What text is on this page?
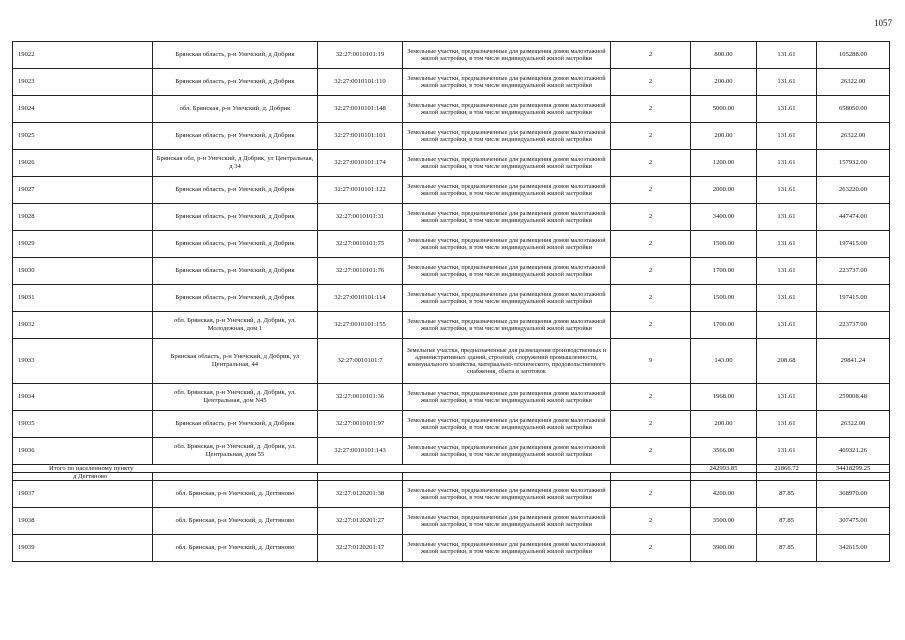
1057
19022	Брянская область, р-н Унечский, д Добрик	32:27:0010101:19	Земельные участки, предназначенные для размещения домов малоэтажной жилой застройки, в том числе индивидуальной жилой застройки	2	800.00	131.61	105288.00
19023	Брянская область, р-н Унечский, д Добрик	32:27:0010101:110	Земельные участки, предназначенные для размещения домов малоэтажной жилой застройки, в том числе индивидуальной жилой застройки	2	200.00	131.61	26322.00
19024	обл. Брянская, р-н Унечский, д. Добрик	32:27:0010101:148	Земельные участки, предназначенные для размещения домов малоэтажной жилой застройки, в том числе индивидуальной жилой застройки	2	5000.00	131.61	658050.00
19025	Брянская область, р-н Унечский, д Добрик	32:27:0010101:101	Земельные участки, предназначенные для размещения домов малоэтажной жилой застройки, в том числе индивидуальной жилой застройки	2	200.00	131.61	26322.00
19026	Брянская обл, р-н Унечский, д Добрик, ул Центральная, д 34	32:27:0010101:174	Земельные участки, предназначенные для размещения домов малоэтажной жилой застройки, в том числе индивидуальной жилой застройки	2	1200.00	131.61	157932.00
19027	Брянская область, р-н Унечский, д Добрик	32:27:0010101:122	Земельные участки, предназначенные для размещения домов малоэтажной жилой застройки, в том числе индивидуальной жилой застройки	2	2000.00	131.61	263220.00
19028	Брянская область, р-н Унечский, д Добрик	32:27:0010101:31	Земельные участки, предназначенные для размещения домов малоэтажной жилой застройки, в том числе индивидуальной жилой застройки	2	3400.00	131.61	447474.00
19029	Брянская область, р-н Унечский, д Добрик	32:27:0010101:75	Земельные участки, предназначенные для размещения домов малоэтажной жилой застройки, в том числе индивидуальной жилой застройки	2	1500.00	131.61	197415.00
19030	Брянская область, р-н Унечский, д Добрик	32:27:0010101:76	Земельные участки, предназначенные для размещения домов малоэтажной жилой застройки, в том числе индивидуальной жилой застройки	2	1700.00	131.61	223737.00
19031	Брянская область, р-н Унечский, д Добрик	32:27:0010101:114	Земельные участки, предназначенные для размещения домов малоэтажной жилой застройки, в том числе индивидуальной жилой застройки	2	1500.00	131.61	197415.00
19032	обл. Брянская, р-н Унечский, д. Добрик, ул. Молодежная, дом 1	32:27:0010101:155	Земельные участки, предназначенные для размещения домов малоэтажной жилой застройки, в том числе индивидуальной жилой застройки	2	1700.00	131.61	223737.00
19033	Брянская область, р-н Унечский, д Добрик, ул Центральная, 44	32:27:0010101:7	Земельные участки, предназначенные для размещения производственных и административных зданий, строений, сооружений промышленности, коммунального хозяйства, материально-технического, продовольственного снабжения, сбыта и заготовок	9	143.00	208.68	29841.24
19034	обл. Брянская, р-н Унечский, д. Добрик, ул. Центральная, дом N45	32:27:0010101:36	Земельные участки, предназначенные для размещения домов малоэтажной жилой застройки, в том числе индивидуальной жилой застройки	2	1968.00	131.61	259008.48
19035	Брянская область, р-н Унечский, д Добрик	32:27:0010101:97	Земельные участки, предназначенные для размещения домов малоэтажной жилой застройки, в том числе индивидуальной жилой застройки	2	200.00	131.61	26322.00
19036	обл. Брянская, р-н Унечский, д. Добрик, ул. Центральная, дом 55	32:27:0010101:143	Земельные участки, предназначенные для размещения домов малоэтажной жилой застройки, в том числе индивидуальной жилой застройки	2	3566.00	131.61	469321.26
Итого по населенному пункту					242993.85	21866.72	34418299.25
д Дегтяново							
19037	обл. Брянская, р-н Унечский, д. Дегтяново	32:27:0120201:38	Земельные участки, предназначенные для размещения домов малоэтажной жилой застройки, в том числе индивидуальной жилой застройки	2	4200.00	87.85	368970.00
19038	обл. Брянская, р-н Унечский, д. Дегтяново	32:27:0120201:27	Земельные участки, предназначенные для размещения домов малоэтажной жилой застройки, в том числе индивидуальной жилой застройки	2	3500.00	87.85	307475.00
19039	обл. Брянская, р-н Унечский, д. Дегтяново	32:27:0120201:17	Земельные участки, предназначенные для размещения домов малоэтажной жилой застройки, в том числе индивидуальной жилой застройки	2	3900.00	87.85	342615.00
